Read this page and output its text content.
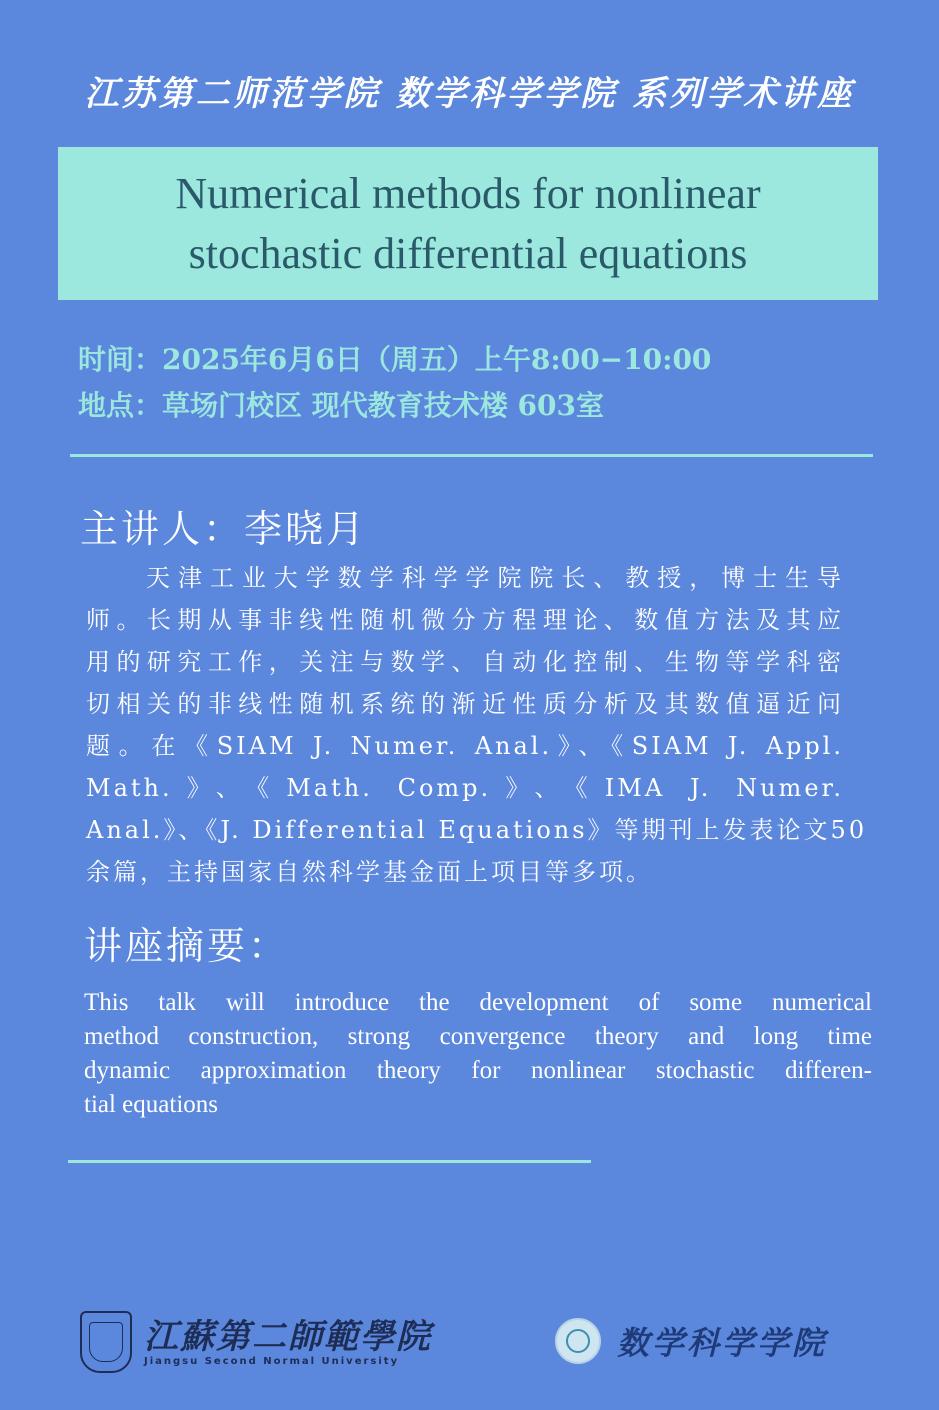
江苏第二师范学院 数学科学学院 系列学术讲座
Numerical methods for nonlinear
stochastic differential equations
时间：2025年6月6日（周五）上午8:00−10:00
地点：草场门校区 现代教育技术楼 603室
主讲人：李晓月
天津工业大学数学科学学院院长、教授，博士生导
师。长期从事非线性随机微分方程理论、数值方法及其应
用的研究工作，关注与数学、自动化控制、生物等学科密
切相关的非线性随机系统的渐近性质分析及其数值逼近问
题。在《SIAM J. Numer. Anal.》、《SIAM J. Appl.
Math.》、《Math. Comp.》、《IMA J. Numer.
Anal.》、《J. Differential Equations》等期刊上发表论文50
余篇，主持国家自然科学基金面上项目等多项。
讲座摘要：
This talk will introduce the development of some numerical
method construction, strong convergence theory and long time
dynamic approximation theory for nonlinear stochastic differen-
tial equations
江蘇第二師範學院
Jiangsu Second Normal University	数学科学学院
